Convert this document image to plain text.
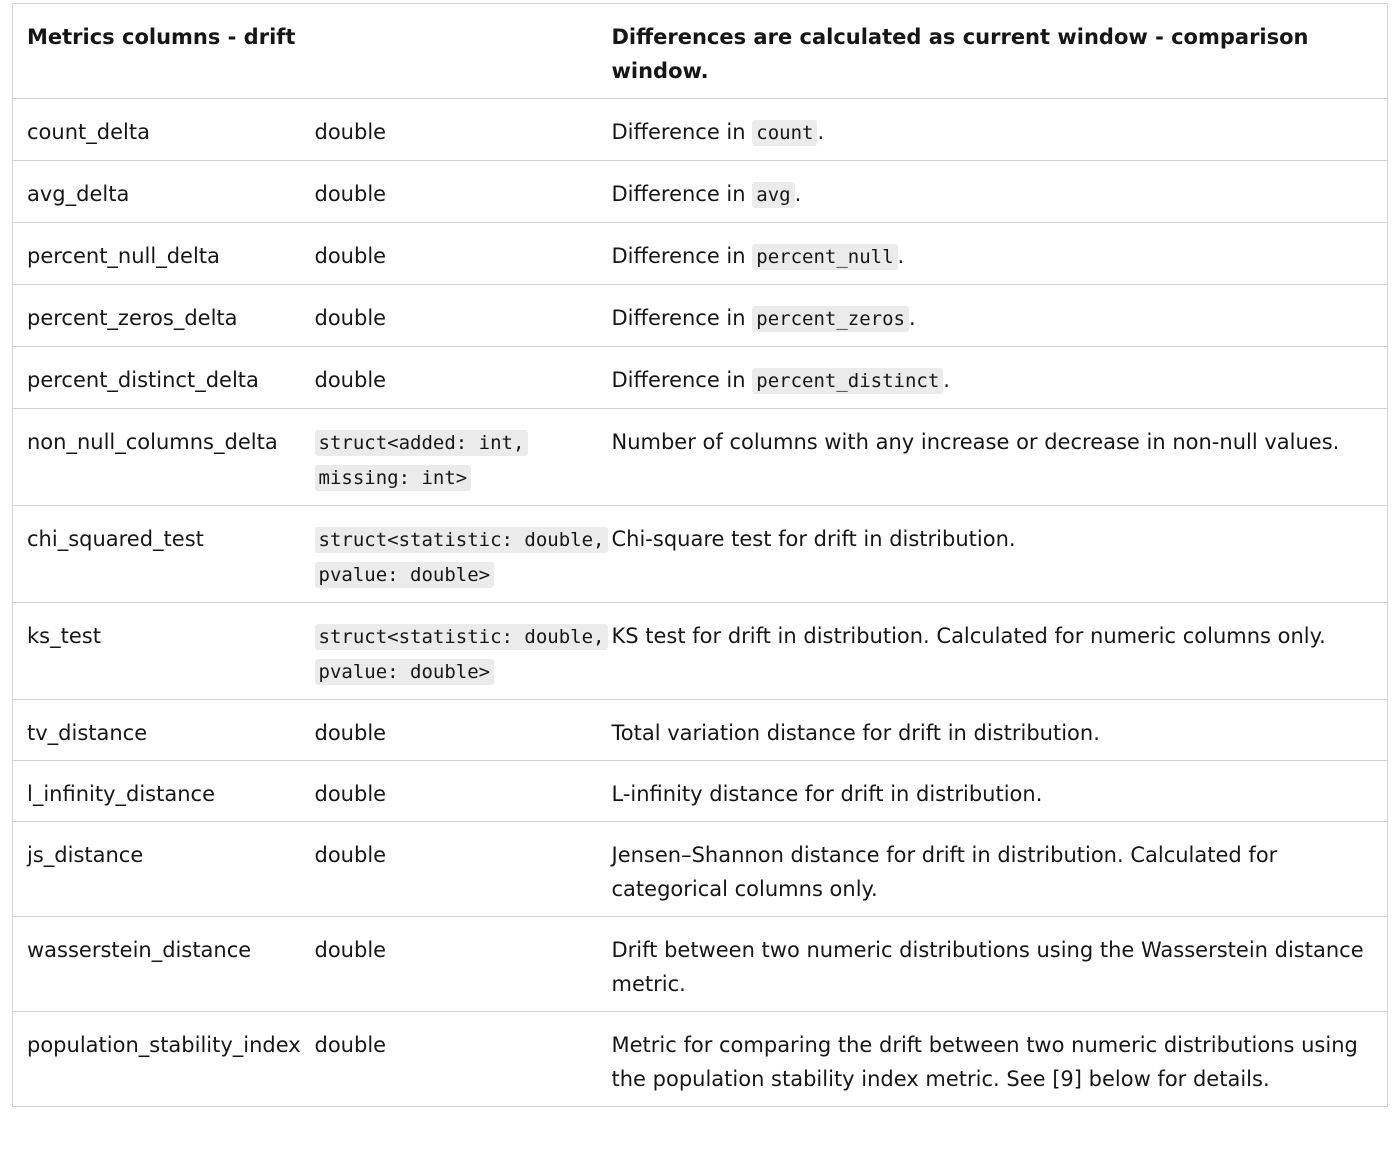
Metrics columns - drift		Differences are calculated as current window - comparison window.
count_delta	double	Difference in count .
avg_delta	double	Difference in avg .
percent_null_delta	double	Difference in percent_null .
percent_zeros_delta	double	Difference in percent_zeros .
percent_distinct_delta	double	Difference in percent_distinct .
non_null_columns_delta	struct<added: int, missing: int>	Number of columns with any increase or decrease in non-null values.
chi_squared_test	struct<statistic: double, pvalue: double>	Chi-square test for drift in distribution.
ks_test	struct<statistic: double, pvalue: double>	KS test for drift in distribution. Calculated for numeric columns only.
tv_distance	double	Total variation distance for drift in distribution.
l_infinity_distance	double	L-infinity distance for drift in distribution.
js_distance	double	Jensen–Shannon distance for drift in distribution. Calculated for categorical columns only.
wasserstein_distance	double	Drift between two numeric distributions using the Wasserstein distance metric.
population_stability_index	double	Metric for comparing the drift between two numeric distributions using the population stability index metric. See [9] below for details.
